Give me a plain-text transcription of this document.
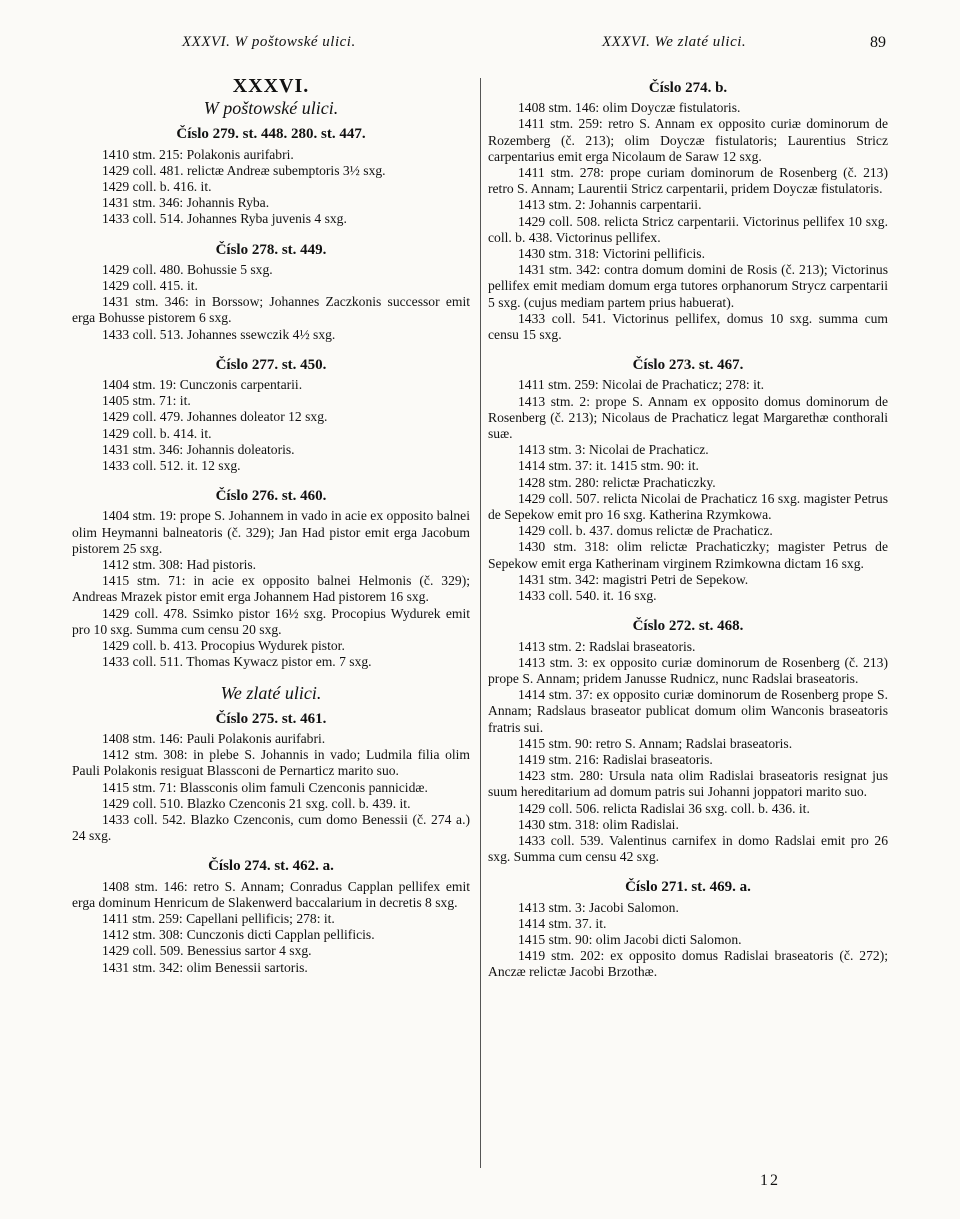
XXXVI. W poštowské ulici.	XXXVI. We zlaté ulici.	89
XXXVI.
W poštowské ulici.
Číslo 279. st. 448. 280. st. 447.
1410 stm. 215: Polakonis aurifabri.
1429 coll. 481. relictæ Andreæ subemptoris 3½ sxg.
1429 coll. b. 416. it.
1431 stm. 346: Johannis Ryba.
1433 coll. 514. Johannes Ryba juvenis 4 sxg.
Číslo 278. st. 449.
1429 coll. 480. Bohussie 5 sxg.
1429 coll. 415. it.
1431 stm. 346: in Borssow; Johannes Zaczkonis successor emit erga Bohusse pistorem 6 sxg.
1433 coll. 513. Johannes ssewczik 4½ sxg.
Číslo 277. st. 450.
1404 stm. 19: Cunczonis carpentarii.
1405 stm. 71: it.
1429 coll. 479. Johannes doleator 12 sxg.
1429 coll. b. 414. it.
1431 stm. 346: Johannis doleatoris.
1433 coll. 512. it. 12 sxg.
Číslo 276. st. 460.
1404 stm. 19: prope S. Johannem in vado in acie ex opposito balnei olim Heymanni balneatoris (č. 329); Jan Had pistor emit erga Jacobum pistorem 25 sxg.
1412 stm. 308: Had pistoris.
1415 stm. 71: in acie ex opposito balnei Helmonis (č. 329); Andreas Mrazek pistor emit erga Johannem Had pistorem 16 sxg.
1429 coll. 478. Ssimko pistor 16½ sxg. Procopius Wydurek emit pro 10 sxg. Summa cum censu 20 sxg.
1429 coll. b. 413. Procopius Wydurek pistor.
1433 coll. 511. Thomas Kywacz pistor em. 7 sxg.
We zlaté ulici.
Číslo 275. st. 461.
1408 stm. 146: Pauli Polakonis aurifabri.
1412 stm. 308: in plebe S. Johannis in vado; Ludmila filia olim Pauli Polakonis resiguat Blassconi de Pernarticz marito suo.
1415 stm. 71: Blassconis olim famuli Czenconis pannicidæ.
1429 coll. 510. Blazko Czenconis 21 sxg. coll. b. 439. it.
1433 coll. 542. Blazko Czenconis, cum domo Benessii (č. 274 a.) 24 sxg.
Číslo 274. st. 462. a.
1408 stm. 146: retro S. Annam; Conradus Capplan pellifex emit erga dominum Henricum de Slakenwerd baccalarium in decretis 8 sxg.
1411 stm. 259: Capellani pellificis; 278: it.
1412 stm. 308: Cunczonis dicti Capplan pellificis.
1429 coll. 509. Benessius sartor 4 sxg.
1431 stm. 342: olim Benessii sartoris.
Číslo 274. b.
1408 stm. 146: olim Doyczæ fistulatoris.
1411 stm. 259: retro S. Annam ex opposito curiæ dominorum de Rozemberg (č. 213); olim Doyczæ fistulatoris; Laurentius Stricz carpentarius emit erga Nicolaum de Saraw 12 sxg.
1411 stm. 278: prope curiam dominorum de Rosenberg (č. 213) retro S. Annam; Laurentii Stricz carpentarii, pridem Doyczæ fistulatoris.
1413 stm. 2: Johannis carpentarii.
1429 coll. 508. relicta Stricz carpentarii. Victorinus pellifex 10 sxg. coll. b. 438. Victorinus pellifex.
1430 stm. 318: Victorini pellificis.
1431 stm. 342: contra domum domini de Rosis (č. 213); Victorinus pellifex emit mediam domum erga tutores orphanorum Strycz carpentarii 5 sxg. (cujus mediam partem prius habuerat).
1433 coll. 541. Victorinus pellifex, domus 10 sxg. summa cum censu 15 sxg.
Číslo 273. st. 467.
1411 stm. 259: Nicolai de Prachaticz; 278: it.
1413 stm. 2: prope S. Annam ex opposito domus dominorum de Rosenberg (č. 213); Nicolaus de Prachaticz legat Margarethæ conthorali suæ.
1413 stm. 3: Nicolai de Prachaticz.
1414 stm. 37: it. 1415 stm. 90: it.
1428 stm. 280: relictæ Prachaticzky.
1429 coll. 507. relicta Nicolai de Prachaticz 16 sxg. magister Petrus de Sepekow emit pro 16 sxg. Katherina Rzymkowa.
1429 coll. b. 437. domus relictæ de Prachaticz.
1430 stm. 318: olim relictæ Prachaticzky; magister Petrus de Sepekow emit erga Katherinam virginem Rzimkowna dictam 16 sxg.
1431 stm. 342: magistri Petri de Sepekow.
1433 coll. 540. it. 16 sxg.
Číslo 272. st. 468.
1413 stm. 2: Radslai braseatoris.
1413 stm. 3: ex opposito curiæ dominorum de Rosenberg (č. 213) prope S. Annam; pridem Janusse Rudnicz, nunc Radslai braseatoris.
1414 stm. 37: ex opposito curiæ dominorum de Rosenberg prope S. Annam; Radslaus braseator publicat domum olim Wanconis braseatoris fratris sui.
1415 stm. 90: retro S. Annam; Radslai braseatoris.
1419 stm. 216: Radislai braseatoris.
1423 stm. 280: Ursula nata olim Radislai braseatoris resignat jus suum hereditarium ad domum patris sui Johanni joppatori marito suo.
1429 coll. 506. relicta Radislai 36 sxg. coll. b. 436. it.
1430 stm. 318: olim Radislai.
1433 coll. 539. Valentinus carnifex in domo Radslai emit pro 26 sxg. Summa cum censu 42 sxg.
Číslo 271. st. 469. a.
1413 stm. 3: Jacobi Salomon.
1414 stm. 37. it.
1415 stm. 90: olim Jacobi dicti Salomon.
1419 stm. 202: ex opposito domus Radislai braseatoris (č. 272); Anczæ relictæ Jacobi Brzothæ.
12
